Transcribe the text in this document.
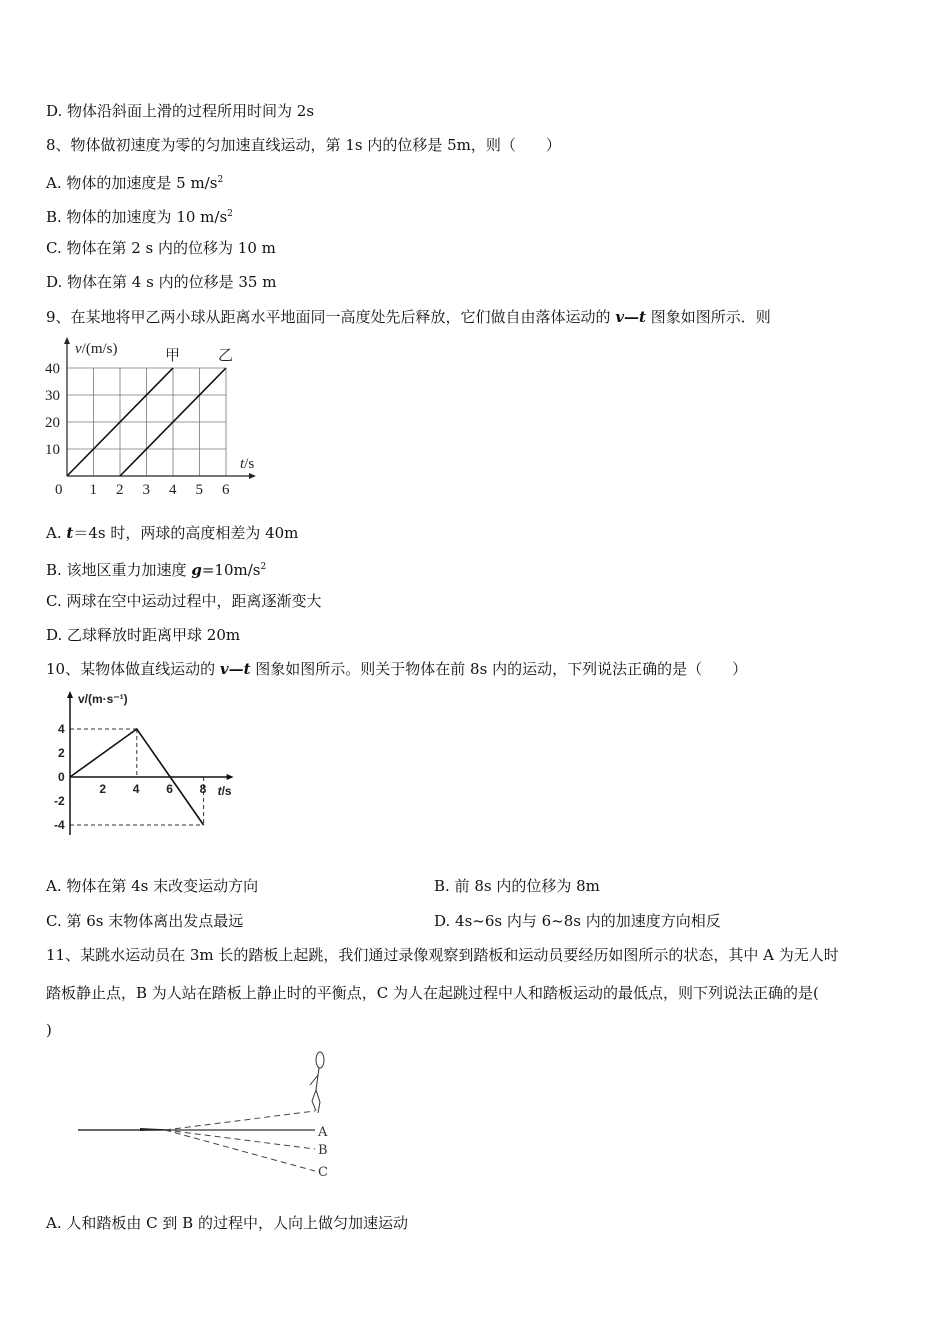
D. 物体沿斜面上滑的过程所用时间为 2s
8、物体做初速度为零的匀加速直线运动，第 1s 内的位移是 5m，则（　　）
A. 物体的加速度是 5 $m/s^2$
B. 物体的加速度为 10 $m/s^2$
C. 物体在第 2 s 内的位移为 10 m
D. 物体在第 4 s 内的位移是 35 m
9、在某地将甲乙两小球从距离水平地面同一高度处先后释放，它们做自由落体运动的 v—t 图象如图所示．则
甲	乙
0 1 2 3 4 5 6
10
20
30
40
t/s
v/(m/s)
A. t＝4s 时，两球的高度相差为 40m
B. 该地区重力加速度 $g=10m/s^2$
C. 两球在空中运动过程中，距离逐渐变大
D. 乙球释放时距离甲球 20m
10、某物体做直线运动的 v—t 图象如图所示。则关于物体在前 8s 内的运动，下列说法正确的是（　　）
2 4 6 8
4
2
0
-2
-4
t/s
v/(m·s⁻¹)
A. 物体在第 4s 末改变运动方向	B. 前 8s 内的位移为 8m
C. 第 6s 末物体离出发点最远	D. 4s~6s 内与 6~8s 内的加速度方向相反
11、某跳水运动员在 3m 长的踏板上起跳，我们通过录像观察到踏板和运动员要经历如图所示的状态，其中 A 为无人时
踏板静止点，B 为人站在踏板上静止时的平衡点，C 为人在起跳过程中人和踏板运动的最低点，则下列说法正确的是(
)
A
B
C
A. 人和踏板由 C 到 B 的过程中，人向上做匀加速运动
